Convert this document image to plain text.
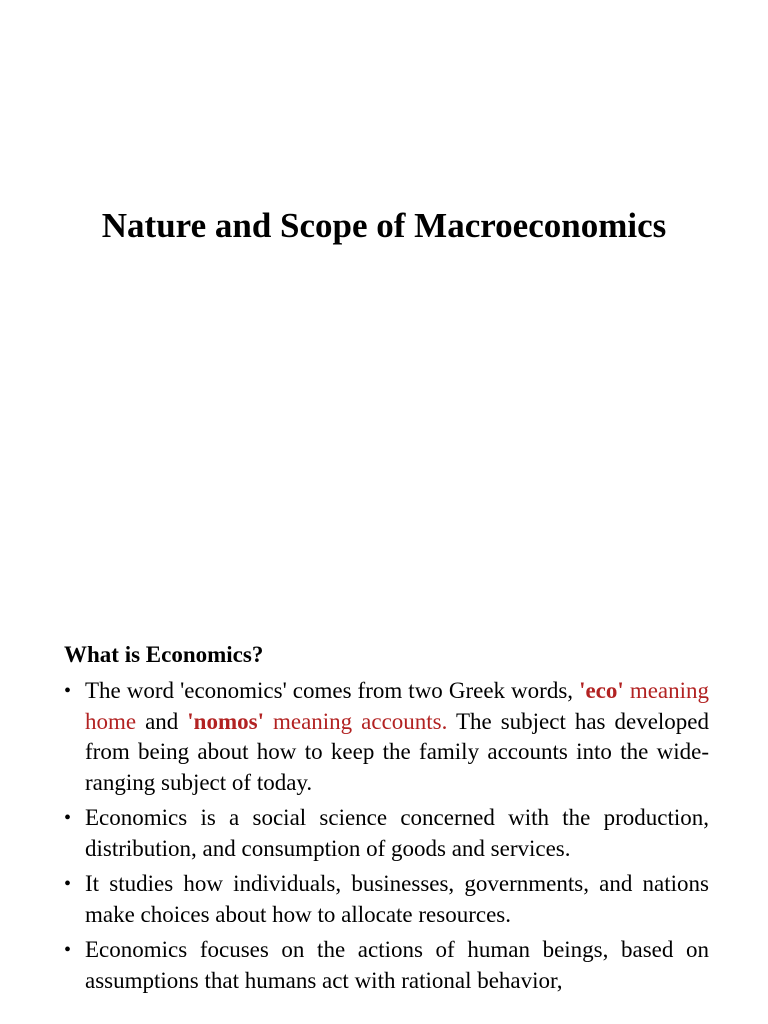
Nature and Scope of Macroeconomics
What is Economics?
• The word 'economics' comes from two Greek words, 'eco' meaning home and 'nomos' meaning accounts. The subject has developed from being about how to keep the family accounts into the wide-ranging subject of today.
• Economics is a social science concerned with the production, distribution, and consumption of goods and services.
• It studies how individuals, businesses, governments, and nations make choices about how to allocate resources.
• Economics focuses on the actions of human beings, based on assumptions that humans act with rational behavior,
